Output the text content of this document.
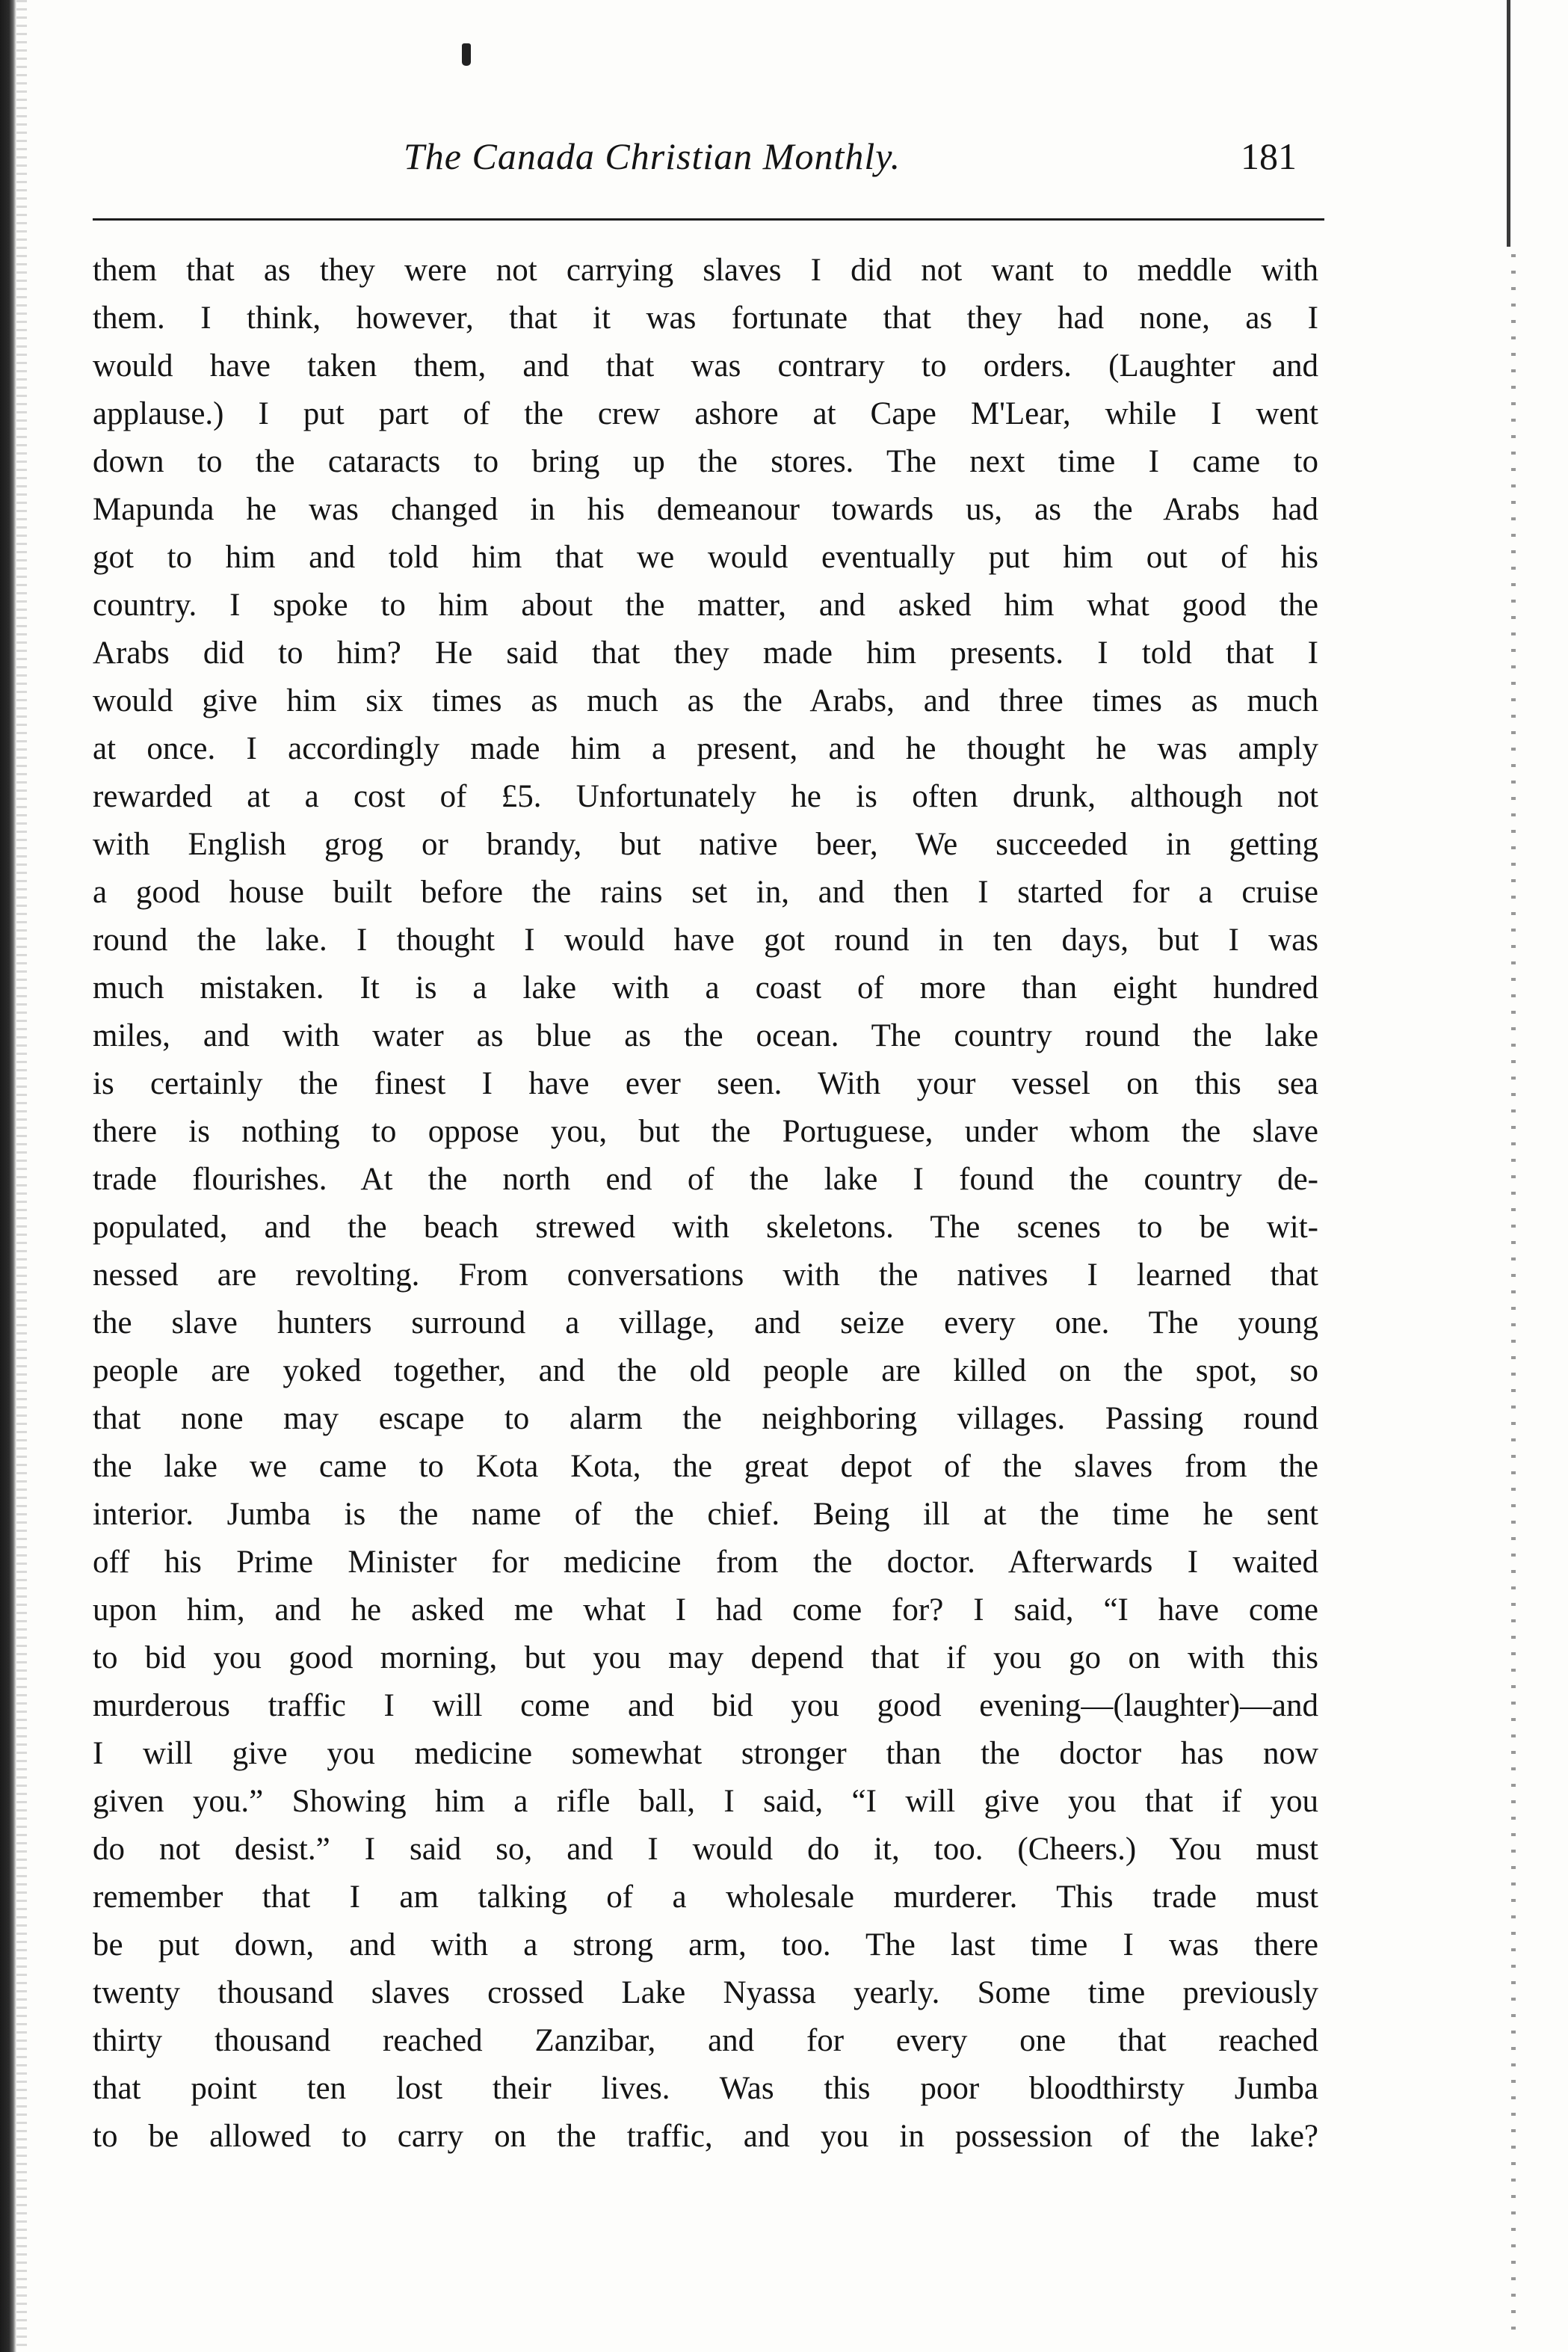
The Canada Christian Monthly.	181
them that as they were not carrying slaves I did not want to meddle with
them. I think, however, that it was fortunate that they had none, as I
would have taken them, and that was contrary to orders. (Laughter and
applause.) I put part of the crew ashore at Cape M'Lear, while I went
down to the cataracts to bring up the stores. The next time I came to
Mapunda he was changed in his demeanour towards us, as the Arabs had
got to him and told him that we would eventually put him out of his
country. I spoke to him about the matter, and asked him what good the
Arabs did to him? He said that they made him presents. I told that I
would give him six times as much as the Arabs, and three times as much
at once. I accordingly made him a present, and he thought he was amply
rewarded at a cost of £5. Unfortunately he is often drunk, although not
with English grog or brandy, but native beer, We succeeded in getting
a good house built before the rains set in, and then I started for a cruise
round the lake. I thought I would have got round in ten days, but I was
much mistaken. It is a lake with a coast of more than eight hundred
miles, and with water as blue as the ocean. The country round the lake
is certainly the finest I have ever seen. With your vessel on this sea
there is nothing to oppose you, but the Portuguese, under whom the slave
trade flourishes. At the north end of the lake I found the country de-
populated, and the beach strewed with skeletons. The scenes to be wit-
nessed are revolting. From conversations with the natives I learned that
the slave hunters surround a village, and seize every one. The young
people are yoked together, and the old people are killed on the spot, so
that none may escape to alarm the neighboring villages. Passing round
the lake we came to Kota Kota, the great depot of the slaves from the
interior. Jumba is the name of the chief. Being ill at the time he sent
off his Prime Minister for medicine from the doctor. Afterwards I waited
upon him, and he asked me what I had come for? I said, “I have come
to bid you good morning, but you may depend that if you go on with this
murderous traffic I will come and bid you good evening—(laughter)—and
I will give you medicine somewhat stronger than the doctor has now
given you.” Showing him a rifle ball, I said, “I will give you that if you
do not desist.” I said so, and I would do it, too. (Cheers.) You must
remember that I am talking of a wholesale murderer. This trade must
be put down, and with a strong arm, too. The last time I was there
twenty thousand slaves crossed Lake Nyassa yearly. Some time previously
thirty thousand reached Zanzibar, and for every one that reached
that point ten lost their lives. Was this poor bloodthirsty Jumba
to be allowed to carry on the traffic, and you in possession of the lake?
